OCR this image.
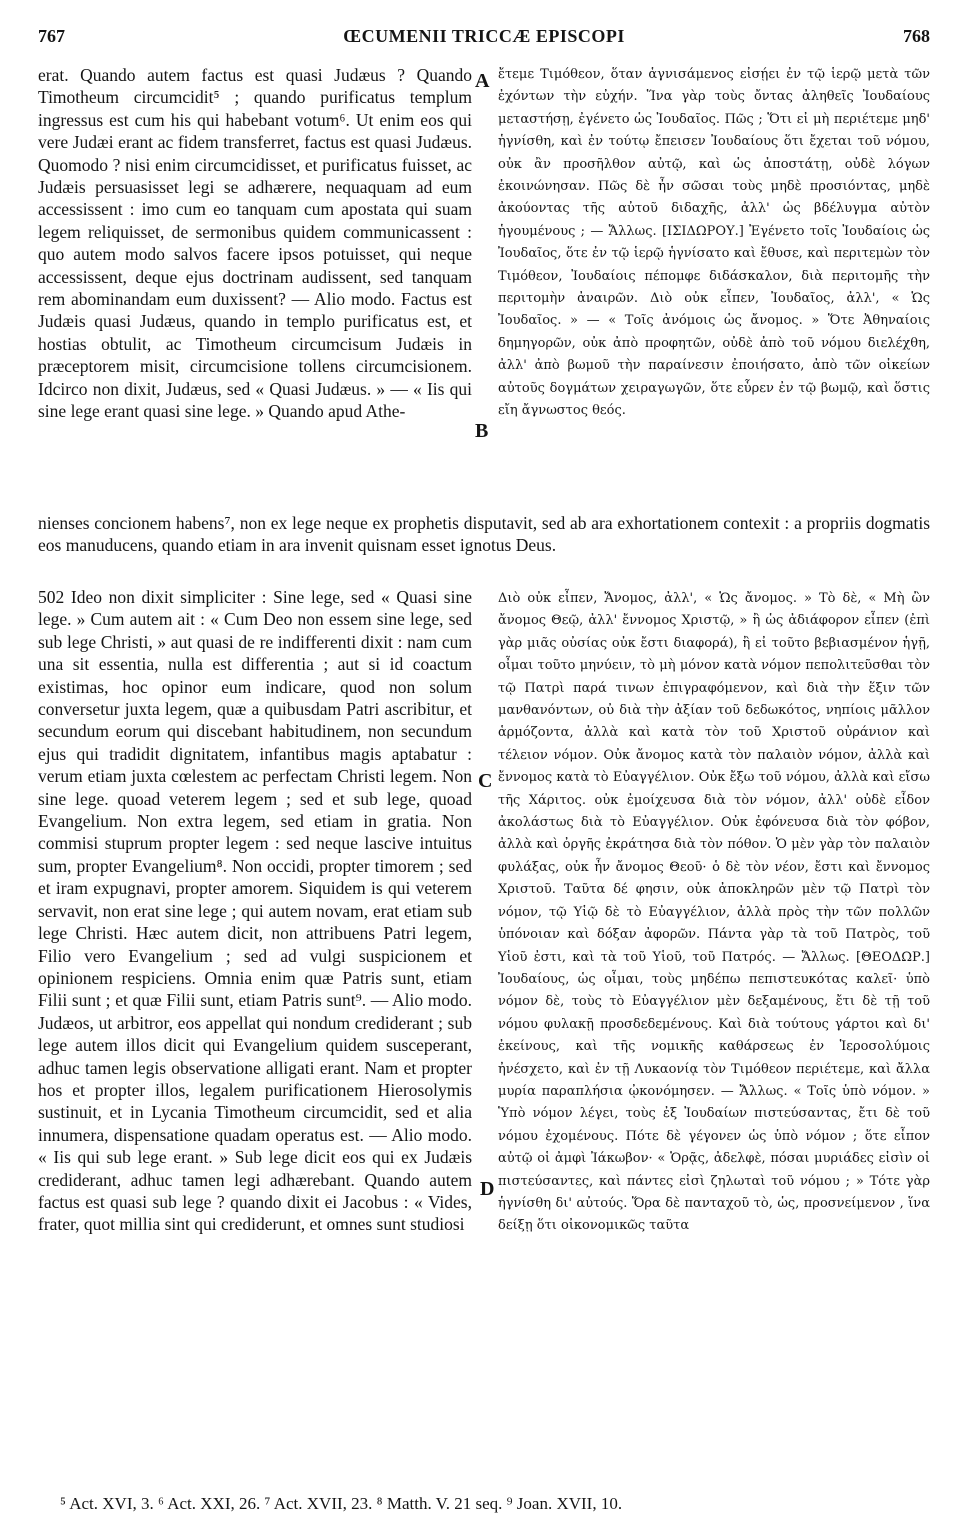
767	ŒCUMENII TRICCÆ EPISCOPI	768

erat. Quando autem factus est quasi Judæus ? Quando Timotheum circumcidit⁵ ; quando purificatus templum ingressus est cum his qui habebant votum⁶. Ut enim eos qui vere Judæi erant ac fidem transferret, factus est quasi Judæus. Quomodo ? nisi enim circumcidisset, et purificatus fuisset, ac Judæis persuasisset legi se adhærere, nequaquam ad eum accessissent : imo cum eo tanquam cum apostata qui suam legem reliquisset, de sermonibus quidem communicassent : quo autem modo salvos facere ipsos potuisset, qui neque accessissent, deque ejus doctrinam audissent, sed tanquam rem abominandam eum duxissent? — Alio modo. Factus est Judæis quasi Judæus, quando in templo purificatus est, et hostias obtulit, ac Timotheum circumcisum Judæis in præceptorem misit, circumcisione tollens circumcisionem. Idcirco non dixit, Judæus, sed « Quasi Judæus. » — « Iis qui sine lege erant quasi sine lege. » Quando apud Athe-

A
B

ἔτεμε Τιμόθεον, ὅταν ἁγνισάμενος εἰσῄει ἐν τῷ ἱερῷ μετὰ τῶν ἐχόντων τὴν εὐχήν. Ἵνα γὰρ τοὺς ὄντας ἀληθεῖς Ἰουδαίους μεταστήσῃ, ἐγένετο ὡς Ἰουδαῖος. Πῶς ; Ὅτι εἰ μὴ περιέτεμε μηδ' ἡγνίσθη, καὶ ἐν τούτῳ ἔπεισεν Ἰουδαίους ὅτι ἔχεται τοῦ νόμου, οὐκ ἂν προσῆλθον αὐτῷ, καὶ ὡς ἀποστάτῃ, οὐδὲ λόγων ἐκοινώνησαν. Πῶς δὲ ἦν σῶσαι τοὺς μηδὲ προσιόντας, μηδὲ ἀκούοντας τῆς αὐτοῦ διδαχῆς, ἀλλ' ὡς βδέλυγμα αὐτὸν ἡγουμένους ; — Ἄλλως. [ΙΣΙΔΩΡΟΥ.] Ἐγένετο τοῖς Ἰουδαίοις ὡς Ἰουδαῖος, ὅτε ἐν τῷ ἱερῷ ἡγνίσατο καὶ ἔθυσε, καὶ περιτεμὼν τὸν Τιμόθεον, Ἰουδαίοις πέπομφε διδάσκαλον, διὰ περιτομῆς τὴν περιτομὴν ἀναιρῶν. Διὸ οὐκ εἶπεν, Ἰουδαῖος, ἀλλ', « Ὡς Ἰουδαῖος. » — « Τοῖς ἀνόμοις ὡς ἄνομος. » Ὅτε Ἀθηναίοις δημηγορῶν, οὐκ ἀπὸ προφητῶν, οὐδὲ ἀπὸ τοῦ νόμου διελέχθη, ἀλλ' ἀπὸ βωμοῦ τὴν παραίνεσιν ἐποιήσατο, ἀπὸ τῶν οἰκείων αὐτοῦς δογμάτων χειραγωγῶν, ὅτε εὗρεν ἐν τῷ βωμῷ, καὶ ὅστις εἴη ἄγνωστος θεός.

nienses concionem habens⁷, non ex lege neque ex prophetis disputavit, sed ab ara exhortationem contexit : a propriis dogmatis eos manuducens, quando etiam in ara invenit quisnam esset ignotus Deus.

502 Ideo non dixit simpliciter : Sine lege, sed « Quasi sine lege. » Cum autem ait : « Cum Deo non essem sine lege, sed sub lege Christi, » aut quasi de re indifferenti dixit : nam cum una sit essentia, nulla est differentia ; aut si id coactum existimas, hoc opinor eum indicare, quod non solum conversetur juxta legem, quæ a quibusdam Patri ascribitur, et secundum eorum qui discebant habitudinem, non secundum ejus qui tradidit dignitatem, infantibus magis aptabatur : verum etiam juxta cœlestem ac perfectam Christi legem. Non sine lege. quoad veterem legem ; sed et sub lege, quoad Evangelium. Non extra legem, sed etiam in gratia. Non commisi stuprum propter legem : sed neque lascive intuitus sum, propter Evangelium⁸. Non occidi, propter timorem ; sed et iram expugnavi, propter amorem. Siquidem is qui veterem servavit, non erat sine lege ; qui autem novam, erat etiam sub lege Christi. Hæc autem dicit, non attribuens Patri legem, Filio vero Evangelium ; sed ad vulgi suspicionem et opinionem respiciens. Omnia enim quæ Patris sunt, etiam Filii sunt ; et quæ Filii sunt, etiam Patris sunt⁹. — Alio modo. Judæos, ut arbitror, eos appellat qui nondum crediderant ; sub lege autem illos dicit qui Evangelium quidem susceperant, adhuc tamen legis observatione alligati erant. Nam et propter hos et propter illos, legalem purificationem Hierosolymis sustinuit, et in Lycania Timotheum circumcidit, sed et alia innumera, dispensatione quadam operatus est. — Alio modo. « Iis qui sub lege erant. » Sub lege dicit eos qui ex Judæis crediderant, adhuc tamen legi adhærebant. Quando autem factus est quasi sub lege ? quando dixit ei Jacobus : « Vides, frater, quot millia sint qui crediderunt, et omnes sunt studiosi

C
D

Διὸ οὐκ εἶπεν, Ἄνομος, ἀλλ', « Ὡς ἄνομος. » Τὸ δὲ, « Μὴ ὢν ἄνομος Θεῷ, ἀλλ' ἔννομος Χριστῷ, » ἢ ὡς ἀδιάφορον εἶπεν (ἐπὶ γὰρ μιᾶς οὐσίας οὐκ ἔστι διαφορά), ἢ εἰ τοῦτο βεβιασμένον ἡγῇ, οἶμαι τοῦτο μηνύειν, τὸ μὴ μόνον κατὰ νόμον πεπολιτεῦσθαι τὸν τῷ Πατρὶ παρά τινων ἐπιγραφόμενον, καὶ διὰ τὴν ἕξιν τῶν μανθανόντων, οὐ διὰ τὴν ἀξίαν τοῦ δεδωκότος, νηπίοις μᾶλλον ἁρμόζοντα, ἀλλὰ καὶ κατὰ τὸν τοῦ Χριστοῦ οὐράνιον καὶ τέλειον νόμον. Οὐκ ἄνομος κατὰ τὸν παλαιὸν νόμον, ἀλλὰ καὶ ἔννομος κατὰ τὸ Εὐαγγέλιον. Οὐκ ἔξω τοῦ νόμου, ἀλλὰ καὶ εἴσω τῆς Χάριτος. οὐκ ἐμοίχευσα διὰ τὸν νόμον, ἀλλ' οὐδὲ εἶδον ἀκολάστως διὰ τὸ Εὐαγγέλιον. Οὐκ ἐφόνευσα διὰ τὸν φόβον, ἀλλὰ καὶ ὀργῆς ἐκράτησα διὰ τὸν πόθον. Ὁ μὲν γὰρ τὸν παλαιὸν φυλάξας, οὐκ ἦν ἄνομος Θεοῦ· ὁ δὲ τὸν νέον, ἔστι καὶ ἔννομος Χριστοῦ. Ταῦτα δέ φησιν, οὐκ ἀποκληρῶν μὲν τῷ Πατρὶ τὸν νόμον, τῷ Υἱῷ δὲ τὸ Εὐαγγέλιον, ἀλλὰ πρὸς τὴν τῶν πολλῶν ὑπόνοιαν καὶ δόξαν ἀφορῶν. Πάντα γὰρ τὰ τοῦ Πατρὸς, τοῦ Υἱοῦ ἐστι, καὶ τὰ τοῦ Υἱοῦ, τοῦ Πατρός. — Ἄλλως. [ΘΕΟΔΩΡ.] Ἰουδαίους, ὡς οἶμαι, τοὺς μηδέπω πεπιστευκότας καλεῖ· ὑπὸ νόμον δὲ, τοὺς τὸ Εὐαγγέλιον μὲν δεξαμένους, ἔτι δὲ τῇ τοῦ νόμου φυλακῇ προσδεδεμένους. Καὶ διὰ τούτους γάρτοι καὶ δι' ἐκείνους, καὶ τῆς νομικῆς καθάρσεως ἐν Ἱεροσολύμοις ἠνέσχετο, καὶ ἐν τῇ Λυκαονίᾳ τὸν Τιμόθεον περιέτεμε, καὶ ἄλλα μυρία παραπλήσια ᾠκονόμησεν. — Ἄλλως. « Τοῖς ὑπὸ νόμον. » Ὑπὸ νόμον λέγει, τοὺς ἐξ Ἰουδαίων πιστεύσαντας, ἔτι δὲ τοῦ νόμου ἐχομένους. Πότε δὲ γέγονεν ὡς ὑπὸ νόμον ; ὅτε εἶπον αὐτῷ οἱ ἀμφὶ Ἰάκωβον· « Ὁρᾷς, ἀδελφὲ, πόσαι μυριάδες εἰσὶν οἱ πιστεύσαντες, καὶ πάντες εἰσὶ ζηλωταὶ τοῦ νόμου ; » Τότε γὰρ ἡγνίσθη δι' αὐτούς. Ὅρα δὲ πανταχοῦ τὸ, ὡς, προσνείμενον , ἵνα δείξῃ ὅτι οἰκονομικῶς ταῦτα

⁵ Act. XVI, 3. ⁶ Act. XXI, 26. ⁷ Act. XVII, 23. ⁸ Matth. V. 21 seq. ⁹ Joan. XVII, 10.
